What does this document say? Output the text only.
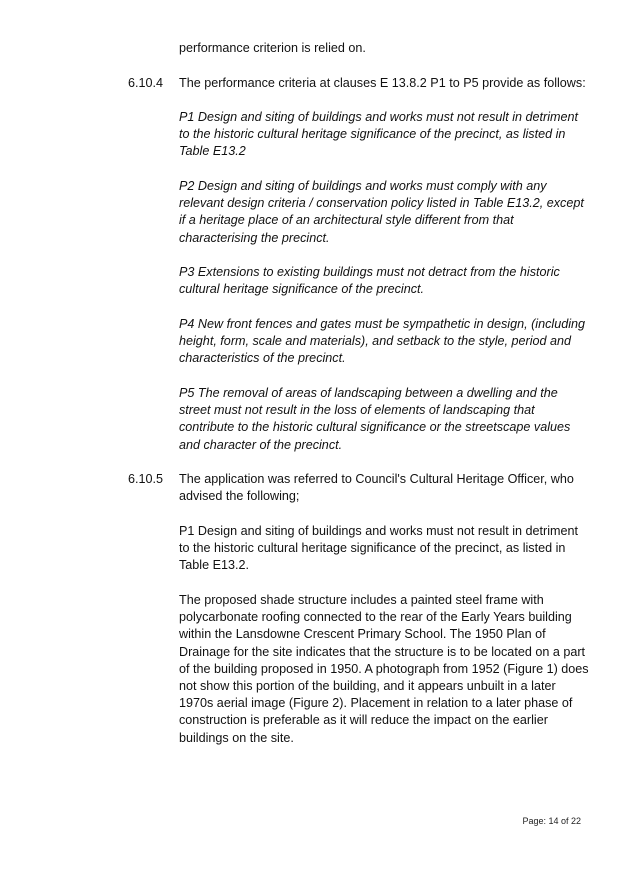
performance criterion is relied on.

6.10.4 The performance criteria at clauses E 13.8.2 P1 to P5 provide as follows:

P1 Design and siting of buildings and works must not result in detriment to the historic cultural heritage significance of the precinct, as listed in Table E13.2

P2 Design and siting of buildings and works must comply with any relevant design criteria / conservation policy listed in Table E13.2, except if a heritage place of an architectural style different from that characterising the precinct.

P3 Extensions to existing buildings must not detract from the historic cultural heritage significance of the precinct.

P4 New front fences and gates must be sympathetic in design, (including height, form, scale and materials), and setback to the style, period and characteristics of the precinct.

P5 The removal of areas of landscaping between a dwelling and the street must not result in the loss of elements of landscaping that contribute to the historic cultural significance or the streetscape values and character of the precinct.

6.10.5 The application was referred to Council's Cultural Heritage Officer, who advised the following;

P1 Design and siting of buildings and works must not result in detriment to the historic cultural heritage significance of the precinct, as listed in Table E13.2.

The proposed shade structure includes a painted steel frame with polycarbonate roofing connected to the rear of the Early Years building within the Lansdowne Crescent Primary School. The 1950 Plan of Drainage for the site indicates that the structure is to be located on a part of the building proposed in 1950. A photograph from 1952 (Figure 1) does not show this portion of the building, and it appears unbuilt in a later 1970s aerial image (Figure 2). Placement in relation to a later phase of construction is preferable as it will reduce the impact on the earlier buildings on the site.

Page: 14 of 22
